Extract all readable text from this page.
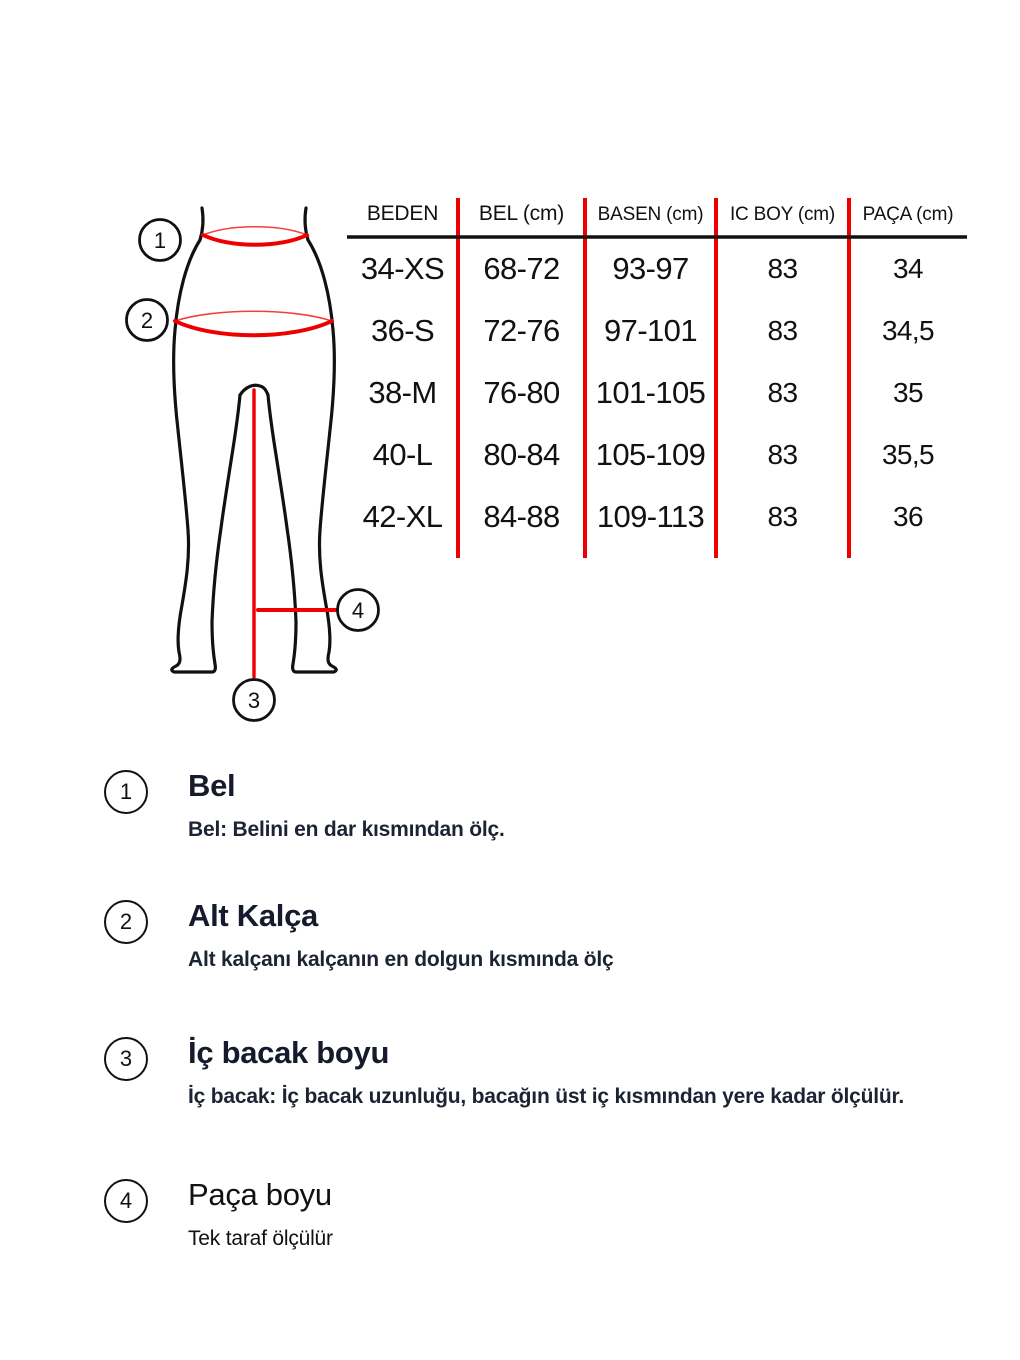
1
2
3
4
BEDEN	BEL (cm)	BASEN (cm)	IC BOY (cm)	PAÇA (cm)
34-XS	68-72	93-97	83	34
36-S	72-76	97-101	83	34,5
38-M	76-80	101-105	83	35
40-L	80-84	105-109	83	35,5
42-XL	84-88	109-113	83	36
1	Bel
Bel: Belini en dar kısmından ölç.
2	Alt Kalça
Alt kalçanı kalçanın en dolgun kısmında ölç
3	İç bacak boyu
İç bacak: İç bacak uzunluğu, bacağın üst iç kısmından yere kadar ölçülür.
4	Paça boyu
Tek taraf ölçülür
